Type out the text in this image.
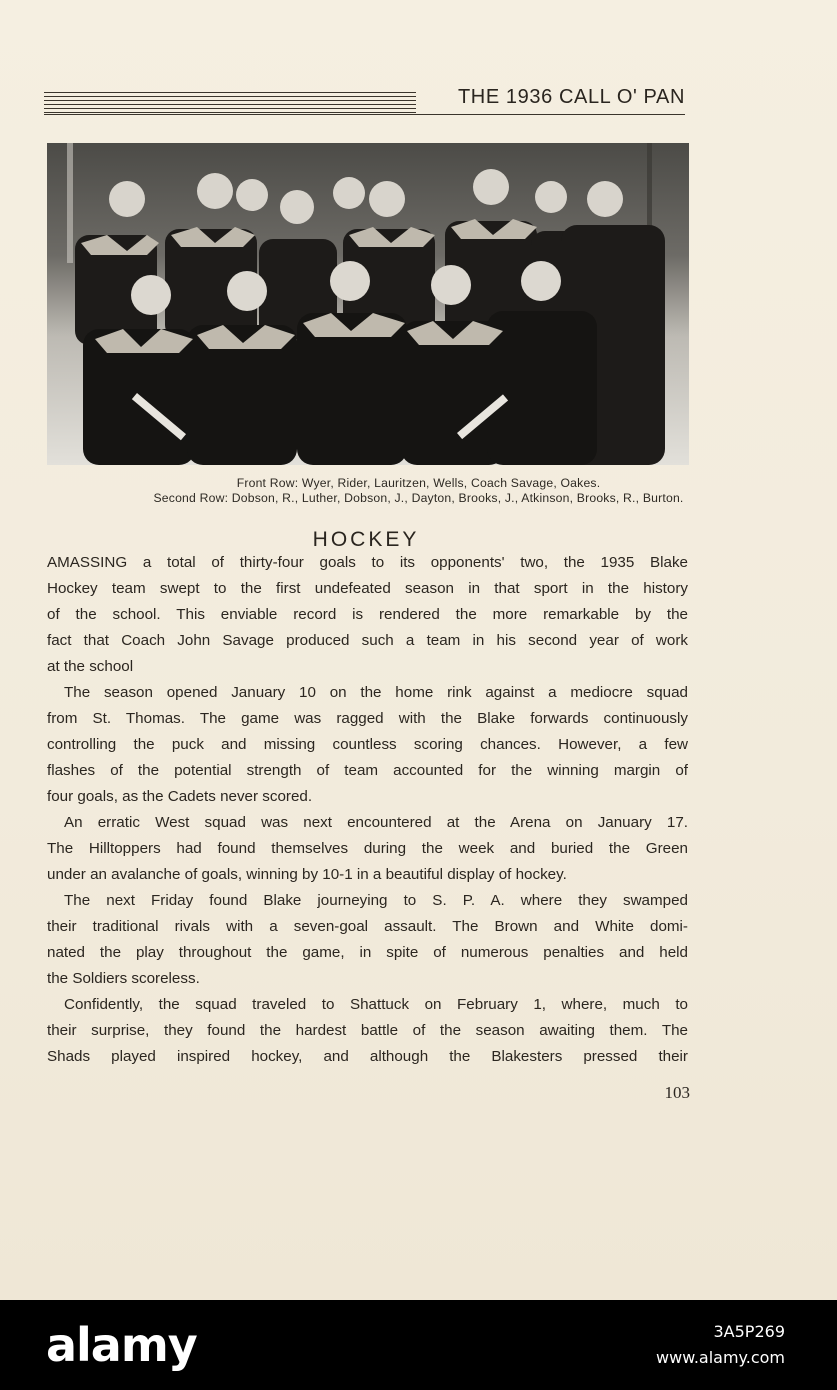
THE 1936 CALL O' PAN
Front Row: Wyer, Rider, Lauritzen, Wells, Coach Savage, Oakes.
Second Row: Dobson, R., Luther, Dobson, J., Dayton, Brooks, J., Atkinson, Brooks, R., Burton.
HOCKEY
AMASSING a total of thirty-four goals to its opponents' two, the 1935 Blake
Hockey team swept to the first undefeated season in that sport in the history
of the school. This enviable record is rendered the more remarkable by the
fact that Coach John Savage produced such a team in his second year of work
at the school
The season opened January 10 on the home rink against a mediocre squad
from St. Thomas. The game was ragged with the Blake forwards continuously
controlling the puck and missing countless scoring chances. However, a few
flashes of the potential strength of team accounted for the winning margin of
four goals, as the Cadets never scored.
An erratic West squad was next encountered at the Arena on January 17.
The Hilltoppers had found themselves during the week and buried the Green
under an avalanche of goals, winning by 10-1 in a beautiful display of hockey.
The next Friday found Blake journeying to S. P. A. where they swamped
their traditional rivals with a seven-goal assault. The Brown and White domi-
nated the play throughout the game, in spite of numerous penalties and held
the Soldiers scoreless.
Confidently, the squad traveled to Shattuck on February 1, where, much to
their surprise, they found the hardest battle of the season awaiting them. The
Shads played inspired hockey, and although the Blakesters pressed their
103
alamy	3A5P269
www.alamy.com
